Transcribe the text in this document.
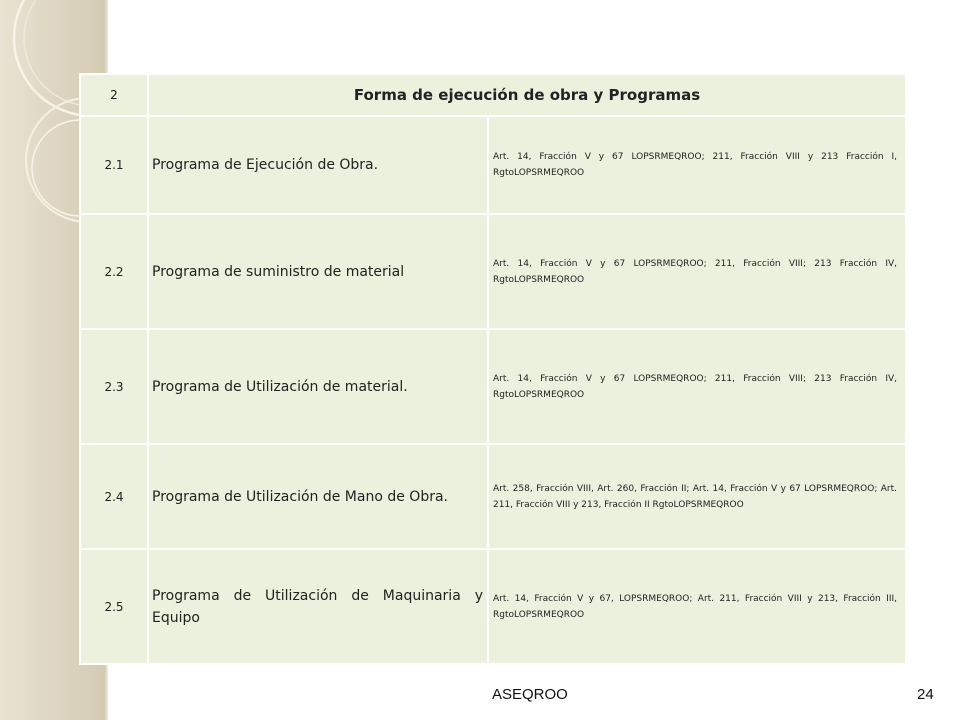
2	Forma de ejecución de obra y Programas	
2.1	Programa de Ejecución de Obra.	Art. 14, Fracción V y 67 LOPSRMEQROO; 211, Fracción VIII y 213 Fracción I, RgtoLOPSRMEQROO
2.2	Programa de suministro de material	Art. 14, Fracción V y 67 LOPSRMEQROO; 211, Fracción VIII; 213 Fracción IV, RgtoLOPSRMEQROO
2.3	Programa de Utilización de material.	Art. 14, Fracción V y 67 LOPSRMEQROO; 211, Fracción VIII; 213 Fracción IV, RgtoLOPSRMEQROO
2.4	Programa de Utilización de Mano de Obra.	Art. 258, Fracción VIII, Art. 260, Fracción II; Art. 14, Fracción V y 67 LOPSRMEQROO; Art. 211, Fracción VIII y 213, Fracción II RgtoLOPSRMEQROO
2.5	Programa de Utilización de Maquinaria y Equipo	Art. 14, Fracción V y 67, LOPSRMEQROO; Art. 211, Fracción VIII y 213, Fracción III, RgtoLOPSRMEQROO
ASEQROO	24
